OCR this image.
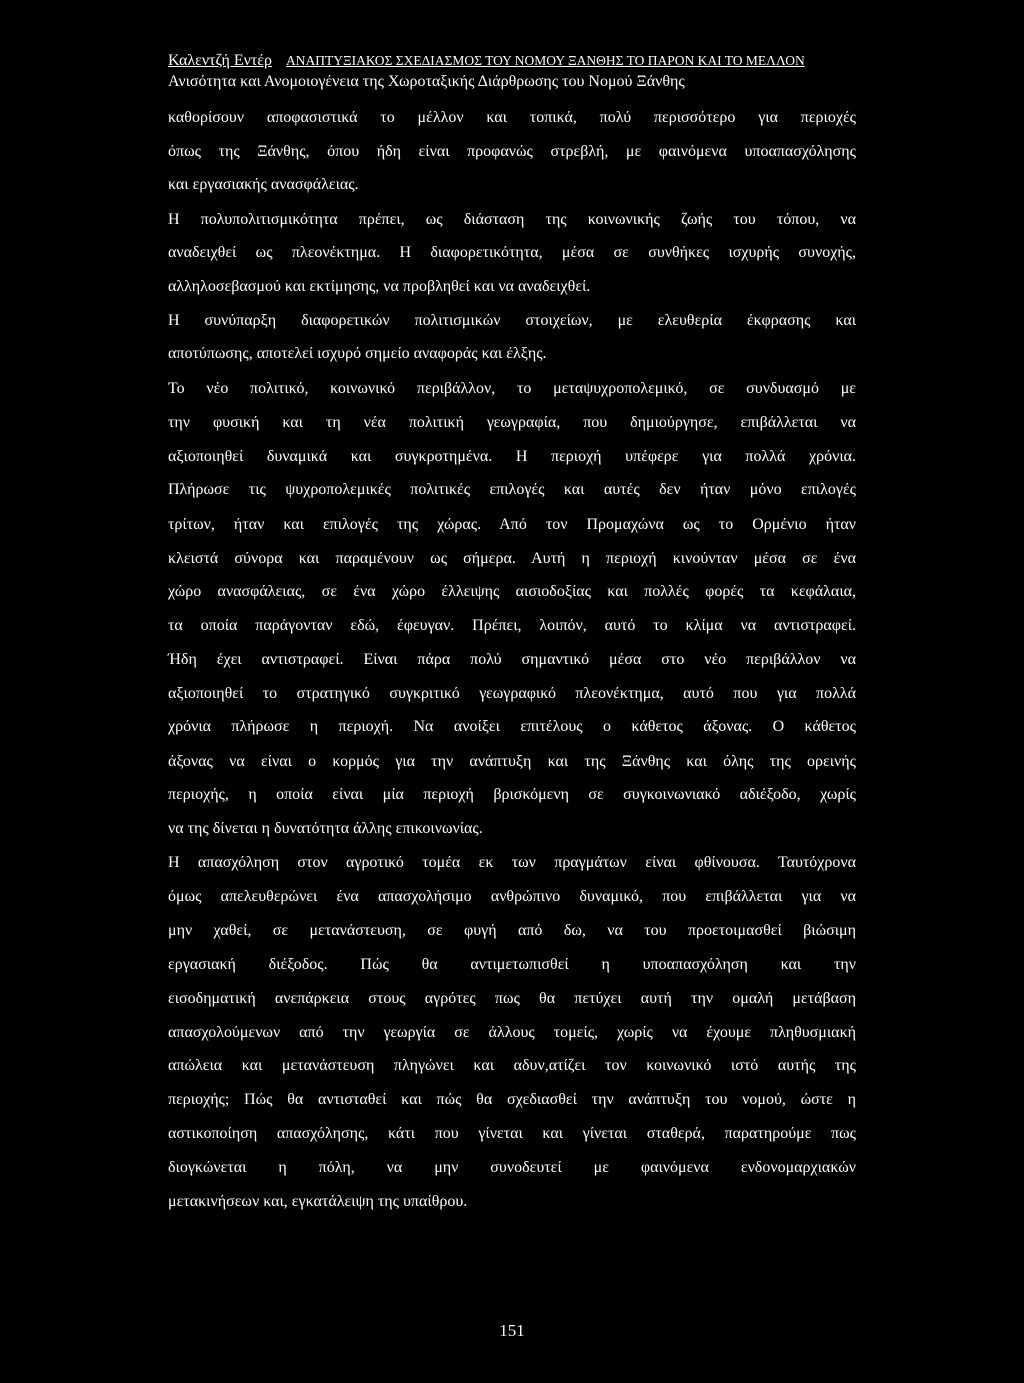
Καλεντζή Εντέρ ΑΝΑΠΤΥΞΙΑΚΟΣ ΣΧΕΔΙΑΣΜΟΣ ΤΟΥ ΝΟΜΟΥ ΞΑΝΘΗΣ ΤΟ ΠΑΡΟΝ ΚΑΙ ΤΟ ΜΕΛΛΟΝ
Ανισότητα και Ανομοιογένεια της Χωροταξικής Διάρθρωσης του Νομού Ξάνθης
καθορίσουν αποφασιστικά το μέλλον και τοπικά, πολύ περισσότερο για περιοχές
όπως της Ξάνθης, όπου ήδη είναι προφανώς στρεβλή, με φαινόμενα υποαπασχόλησης
και εργασιακής ανασφάλειας.
Η πολυπολιτισμικότητα πρέπει, ως διάσταση της κοινωνικής ζωής του τόπου, να
αναδειχθεί ως πλεονέκτημα. Η διαφορετικότητα, μέσα σε συνθήκες ισχυρής συνοχής,
αλληλοσεβασμού και εκτίμησης, να προβληθεί και να αναδειχθεί.
Η συνύπαρξη διαφορετικών πολιτισμικών στοιχείων, με ελευθερία έκφρασης και
αποτύπωσης, αποτελεί ισχυρό σημείο αναφοράς και έλξης.
Το νέο πολιτικό, κοινωνικό περιβάλλον, το μεταψυχροπολεμικό, σε συνδυασμό με
την φυσική και τη νέα πολιτική γεωγραφία, που δημιούργησε, επιβάλλεται να
αξιοποιηθεί δυναμικά και συγκροτημένα. Η περιοχή υπέφερε για πολλά χρόνια.
Πλήρωσε τις ψυχροπολεμικές πολιτικές επιλογές και αυτές δεν ήταν μόνο επιλογές
τρίτων, ήταν και επιλογές της χώρας. Από τον Προμαχώνα ως το Ορμένιο ήταν
κλειστά σύνορα και παραμένουν ως σήμερα. Αυτή η περιοχή κινούνταν μέσα σε ένα
χώρο ανασφάλειας, σε ένα χώρο έλλειψης αισιοδοξίας και πολλές φορές τα κεφάλαια,
τα οποία παράγονταν εδώ, έφευγαν. Πρέπει, λοιπόν, αυτό το κλίμα να αντιστραφεί.
Ήδη έχει αντιστραφεί. Είναι πάρα πολύ σημαντικό μέσα στο νέο περιβάλλον να
αξιοποιηθεί το στρατηγικό συγκριτικό γεωγραφικό πλεονέκτημα, αυτό που για πολλά
χρόνια πλήρωσε η περιοχή. Να ανοίξει επιτέλους ο κάθετος άξονας. Ο κάθετος
άξονας να είναι ο κορμός για την ανάπτυξη και της Ξάνθης και όλης της ορεινής
περιοχής, η οποία είναι μία περιοχή βρισκόμενη σε συγκοινωνιακό αδιέξοδο, χωρίς
να της δίνεται η δυνατότητα άλλης επικοινωνίας.
Η απασχόληση στον αγροτικό τομέα εκ των πραγμάτων είναι φθίνουσα. Ταυτόχρονα
όμως απελευθερώνει ένα απασχολήσιμο ανθρώπινο δυναμικό, που επιβάλλεται για να
μην χαθεί, σε μετανάστευση, σε φυγή από δω, να του προετοιμασθεί βιώσιμη
εργασιακή διέξοδος. Πώς θα αντιμετωπισθεί η υποαπασχόληση και την
εισοδηματική ανεπάρκεια στους αγρότες πως θα πετύχει αυτή την ομαλή μετάβαση
απασχολούμενων από την γεωργία σε άλλους τομείς, χωρίς να έχουμε πληθυσμιακή
απώλεια και μετανάστευση πληγώνει και αδυν,ατίζει τον κοινωνικό ιστό αυτής της
περιοχής; Πώς θα αντισταθεί και πώς θα σχεδιασθεί την ανάπτυξη του νομού, ώστε η
αστικοποίηση απασχόλησης, κάτι που γίνεται και γίνεται σταθερά, παρατηρούμε πως
διογκώνεται η πόλη, να μην συνοδευτεί με φαινόμενα ενδονομαρχιακών
μετακινήσεων και, εγκατάλειψη της υπαίθρου.
151
